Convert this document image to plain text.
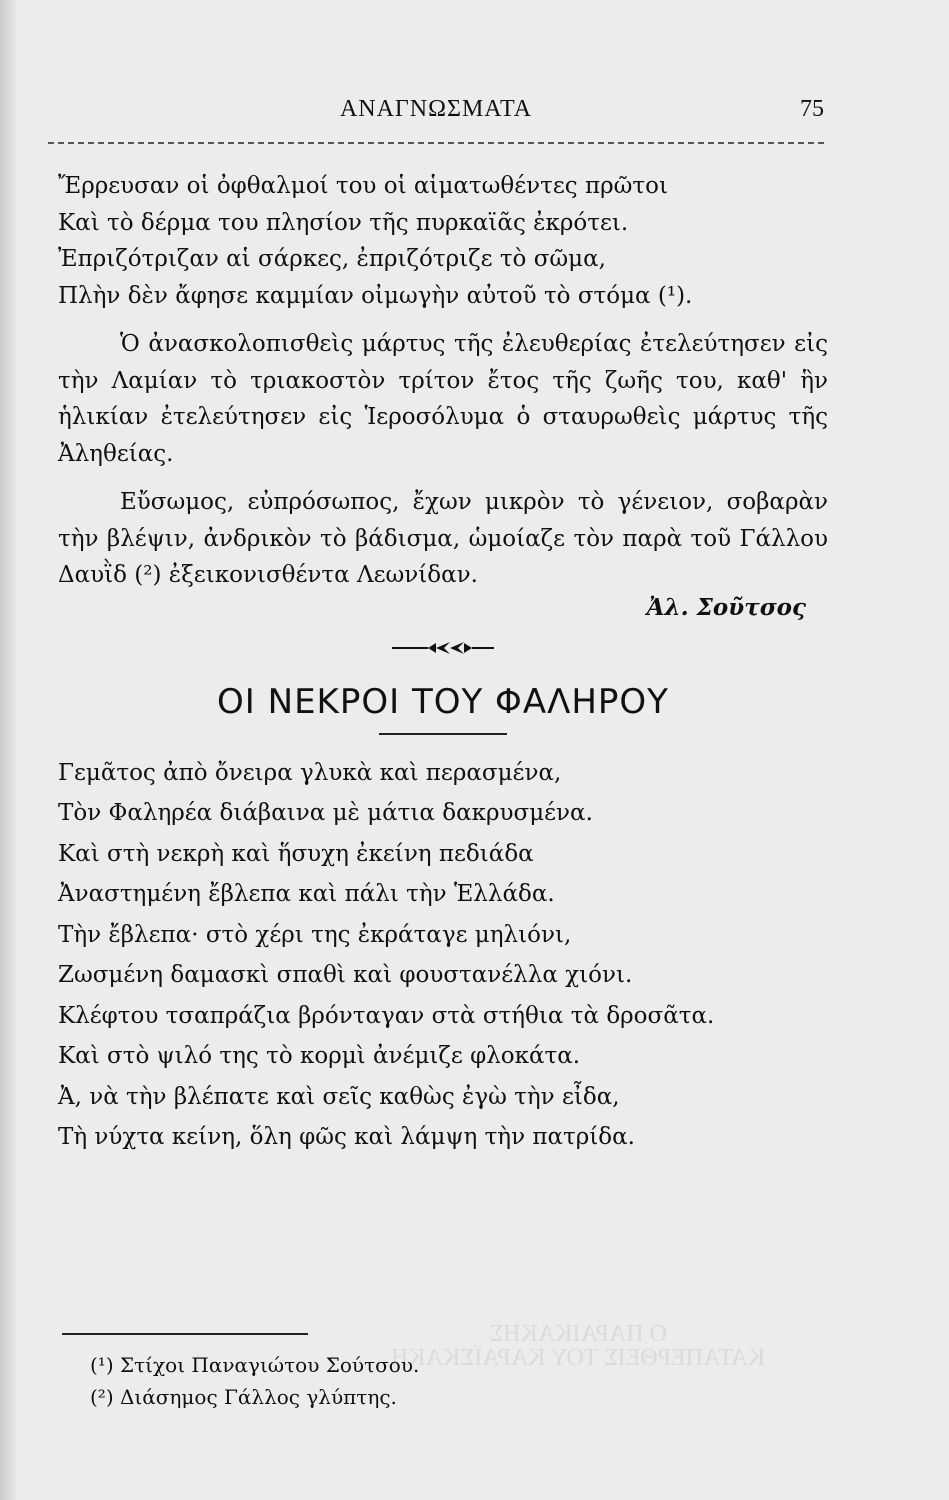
ΑΝΑΓΝΩΣΜΑΤΑ	75

Ἔρρευσαν οἱ ὀφθαλμοί του οἱ αἱματωθέντες πρῶτοι

Καὶ τὸ δέρμα του πλησίον τῆς πυρκαϊᾶς ἐκρότει.

Ἐπριζότριζαν αἱ σάρκες, ἐπριζότριζε τὸ σῶμα,

Πλὴν δὲν ἄφησε καμμίαν οἰμωγὴν αὐτοῦ τὸ στόμα (¹).

Ὁ ἀνασκολοπισθεὶς μάρτυς τῆς ἐλευθερίας ἐτελεύτησεν εἰς τὴν Λαμίαν τὸ τριακοστὸν τρίτον ἔτος τῆς ζωῆς του, καθ' ἣν ἡλικίαν ἐτελεύτησεν εἰς Ἱεροσόλυμα ὁ σταυρωθεὶς μάρτυς τῆς Ἀληθείας.

Εὔσωμος, εὐπρόσωπος, ἔχων μικρὸν τὸ γένειον, σοβαρὰν τὴν βλέψιν, ἀνδρικὸν τὸ βάδισμα, ὡμοίαζε τὸν παρὰ τοῦ Γάλλου Δαυῒδ (²) ἐξεικονισθέντα Λεωνίδαν.

Ἀλ. Σοῦτσος

ΟΙ ΝΕΚΡΟΙ ΤΟΥ ΦΑΛΗΡΟΥ

Γεμᾶτος ἀπὸ ὄνειρα γλυκὰ καὶ περασμένα,

Τὸν Φαληρέα διάβαινα μὲ μάτια δακρυσμένα.

Καὶ στὴ νεκρὴ καὶ ἥσυχη ἐκείνη πεδιάδα

Ἀναστημένη ἔβλεπα καὶ πάλι τὴν Ἑλλάδα.

Τὴν ἔβλεπα· στὸ χέρι της ἐκράταγε μηλιόνι,

Ζωσμένη δαμασκὶ σπαθὶ καὶ φουστανέλλα χιόνι.

Κλέφτου τσαπράζια βρόνταγαν στὰ στήθια τὰ δροσᾶτα.

Καὶ στὸ ψιλό της τὸ κορμὶ ἀνέμιζε φλοκάτα.

Ἀ, νὰ τὴν βλέπατε καὶ σεῖς καθὼς ἐγὼ τὴν εἶδα,

Τὴ νύχτα κείνη, ὅλη φῶς καὶ λάμψη τὴν πατρίδα.

Ο ΠΑΡΑΙΚΑΚΗΣ
ΚΑΤΑΠΕΡΘΕΙΣ ΤΟΥ ΚΑΡΑΪΣΚΑΚΗ

(¹) Στίχοι Παναγιώτου Σούτσου.

(²) Διάσημος Γάλλος γλύπτης.
